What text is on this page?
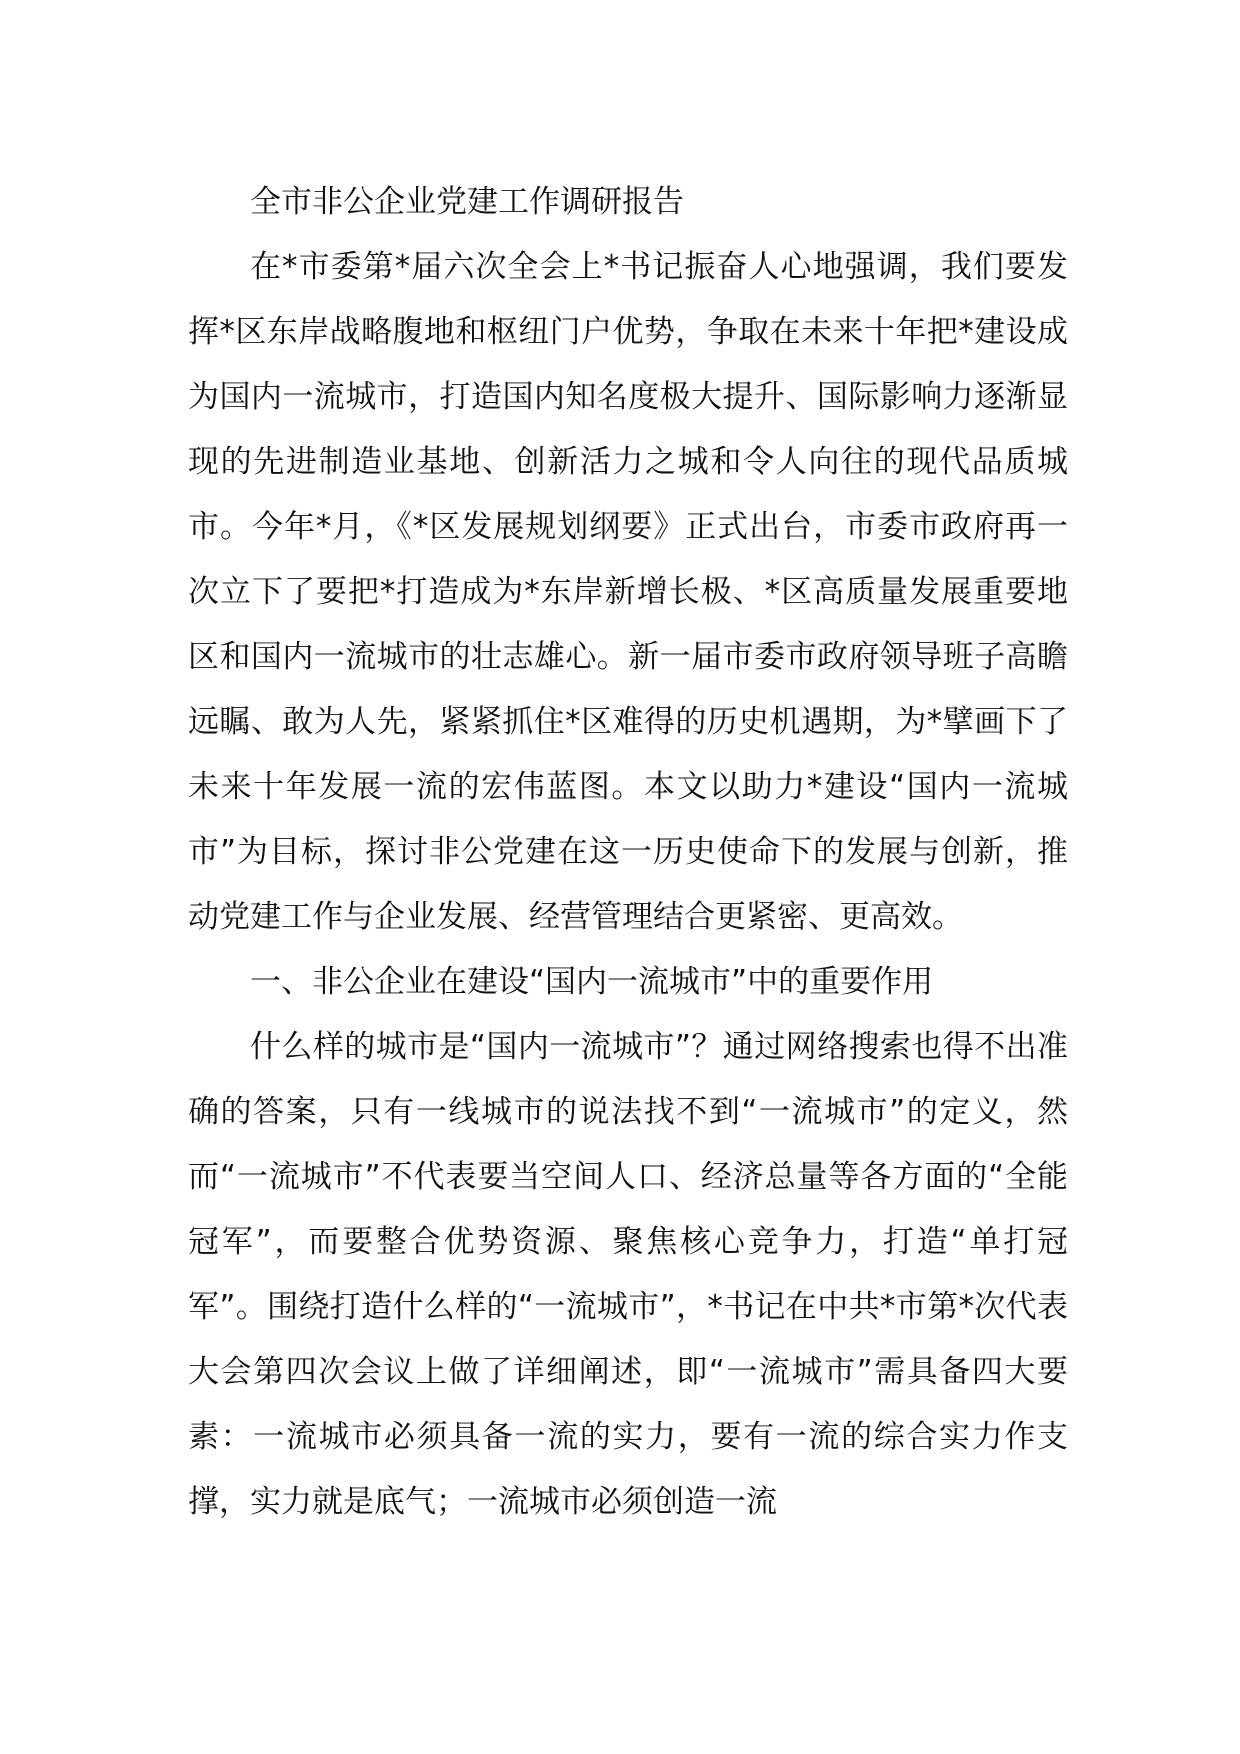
全市非公企业党建工作调研报告

在*市委第*届六次全会上*书记振奋人心地强调，我们要发挥*区东岸战略腹地和枢纽门户优势，争取在未来十年把*建设成为国内一流城市，打造国内知名度极大提升、国际影响力逐渐显现的先进制造业基地、创新活力之城和令人向往的现代品质城市。今年*月，《*区发展规划纲要》正式出台，市委市政府再一次立下了要把*打造成为*东岸新增长极、*区高质量发展重要地区和国内一流城市的壮志雄心。新一届市委市政府领导班子高瞻远瞩、敢为人先，紧紧抓住*区难得的历史机遇期，为*擘画下了未来十年发展一流的宏伟蓝图。本文以助力*建设“国内一流城市”为目标，探讨非公党建在这一历史使命下的发展与创新，推动党建工作与企业发展、经营管理结合更紧密、更高效。

一、非公企业在建设“国内一流城市”中的重要作用

什么样的城市是“国内一流城市”？通过网络搜索也得不出准确的答案，只有一线城市的说法找不到“一流城市”的定义，然而“一流城市”不代表要当空间人口、经济总量等各方面的“全能冠军”，而要整合优势资源、聚焦核心竞争力，打造“单打冠军”。围绕打造什么样的“一流城市”，*书记在中共*市第*次代表大会第四次会议上做了详细阐述，即“一流城市”需具备四大要素：一流城市必须具备一流的实力，要有一流的综合实力作支撑，实力就是底气；一流城市必须创造一流
